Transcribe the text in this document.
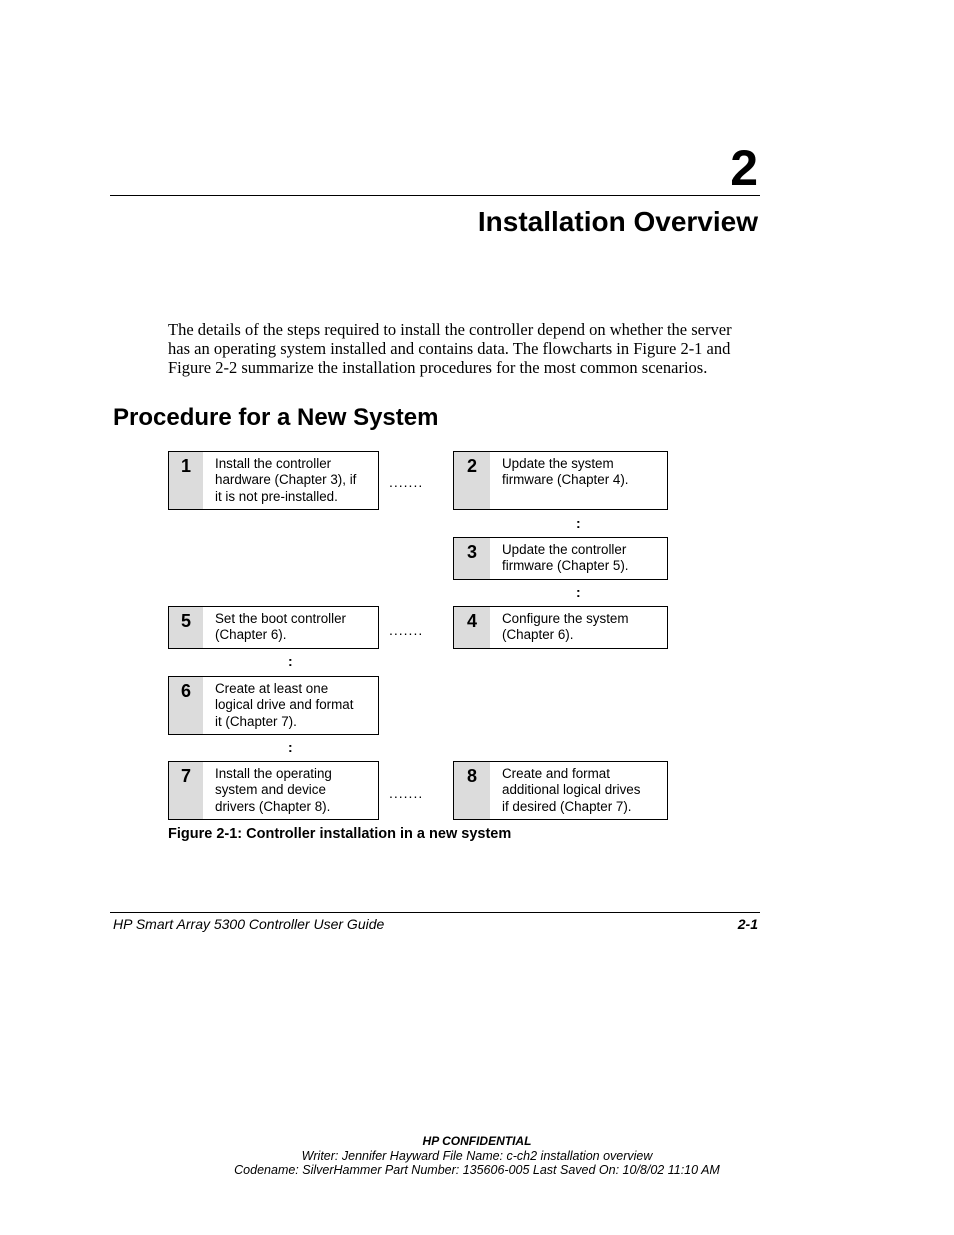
2
Installation Overview
The details of the steps required to install the controller depend on whether the server
has an operating system installed and contains data. The flowcharts in Figure 2-1 and
Figure 2-2 summarize the installation procedures for the most common scenarios.
Procedure for a New System
1	Install the controller
hardware (Chapter 3), if
it is not pre-installed.
2	Update the system
firmware (Chapter 4).
3	Update the controller
firmware (Chapter 5).
4	Configure the system
(Chapter 6).
5	Set the boot controller
(Chapter 6).
6	Create at least one
logical drive and format
it (Chapter 7).
7	Install the operating
system and device
drivers (Chapter 8).
8	Create and format
additional logical drives
if desired (Chapter 7).
.......
.......
.......
:
:
:
:
Figure 2-1: Controller installation in a new system
HP Smart Array 5300 Controller User Guide	2-1
HP CONFIDENTIAL
Writer: Jennifer Hayward File Name: c-ch2 installation overview
Codename: SilverHammer Part Number: 135606-005 Last Saved On: 10/8/02 11:10 AM
